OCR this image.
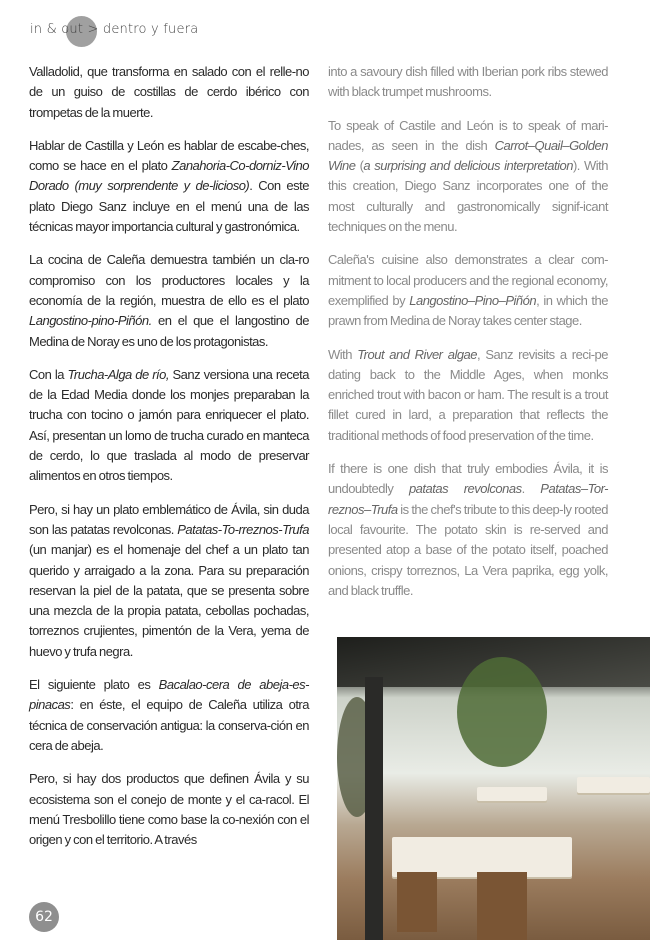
in & out > dentro y fuera

Valladolid, que transforma en salado con el relle-no de un guiso de costillas de cerdo ibérico con trompetas de la muerte.

Hablar de Castilla y León es hablar de escabe-ches, como se hace en el plato Zanahoria-Co-dorniz-Vino Dorado (muy sorprendente y de-licioso). Con este plato Diego Sanz incluye en el menú una de las técnicas mayor importancia cultural y gastronómica.

La cocina de Caleña demuestra también un cla-ro compromiso con los productores locales y la economía de la región, muestra de ello es el plato Langostino-pino-Piñón. en el que el langostino de Medina de Noray es uno de los protagonistas.

Con la Trucha-Alga de río, Sanz versiona una receta de la Edad Media donde los monjes preparaban la trucha con tocino o jamón para enriquecer el plato. Así, presentan un lomo de trucha curado en manteca de cerdo, lo que traslada al modo de preservar alimentos en otros tiempos.

Pero, si hay un plato emblemático de Ávila, sin duda son las patatas revolconas. Patatas-To-rreznos-Trufa (un manjar) es el homenaje del chef a un plato tan querido y arraigado a la zona. Para su preparación reservan la piel de la patata, que se presenta sobre una mezcla de la propia patata, cebollas pochadas, torreznos crujientes, pimentón de la Vera, yema de huevo y trufa negra.

El siguiente plato es Bacalao-cera de abeja-es-pinacas: en éste, el equipo de Caleña utiliza otra técnica de conservación antigua: la conserva-ción en cera de abeja.

Pero, si hay dos productos que definen Ávila y su ecosistema son el conejo de monte y el ca-racol. El menú Tresbolillo tiene como base la co-nexión con el origen y con el territorio. A través

into a savoury dish filled with Iberian pork ribs stewed with black trumpet mushrooms.

To speak of Castile and León is to speak of mari-nades, as seen in the dish Carrot–Quail–Golden Wine (a surprising and delicious interpretation). With this creation, Diego Sanz incorporates one of the most culturally and gastronomically signif-icant techniques on the menu.

Caleña's cuisine also demonstrates a clear com-mitment to local producers and the regional economy, exemplified by Langostino–Pino–Piñón, in which the prawn from Medina de Noray takes center stage.

With Trout and River algae, Sanz revisits a reci-pe dating back to the Middle Ages, when monks enriched trout with bacon or ham. The result is a trout fillet cured in lard, a preparation that reflects the traditional methods of food preservation of the time.

If there is one dish that truly embodies Ávila, it is undoubtedly patatas revolconas. Patatas–Tor-reznos–Trufa is the chef's tribute to this deep-ly rooted local favourite. The potato skin is re-served and presented atop a base of the potato itself, poached onions, crispy torreznos, La Vera paprika, egg yolk, and black truffle.

62
